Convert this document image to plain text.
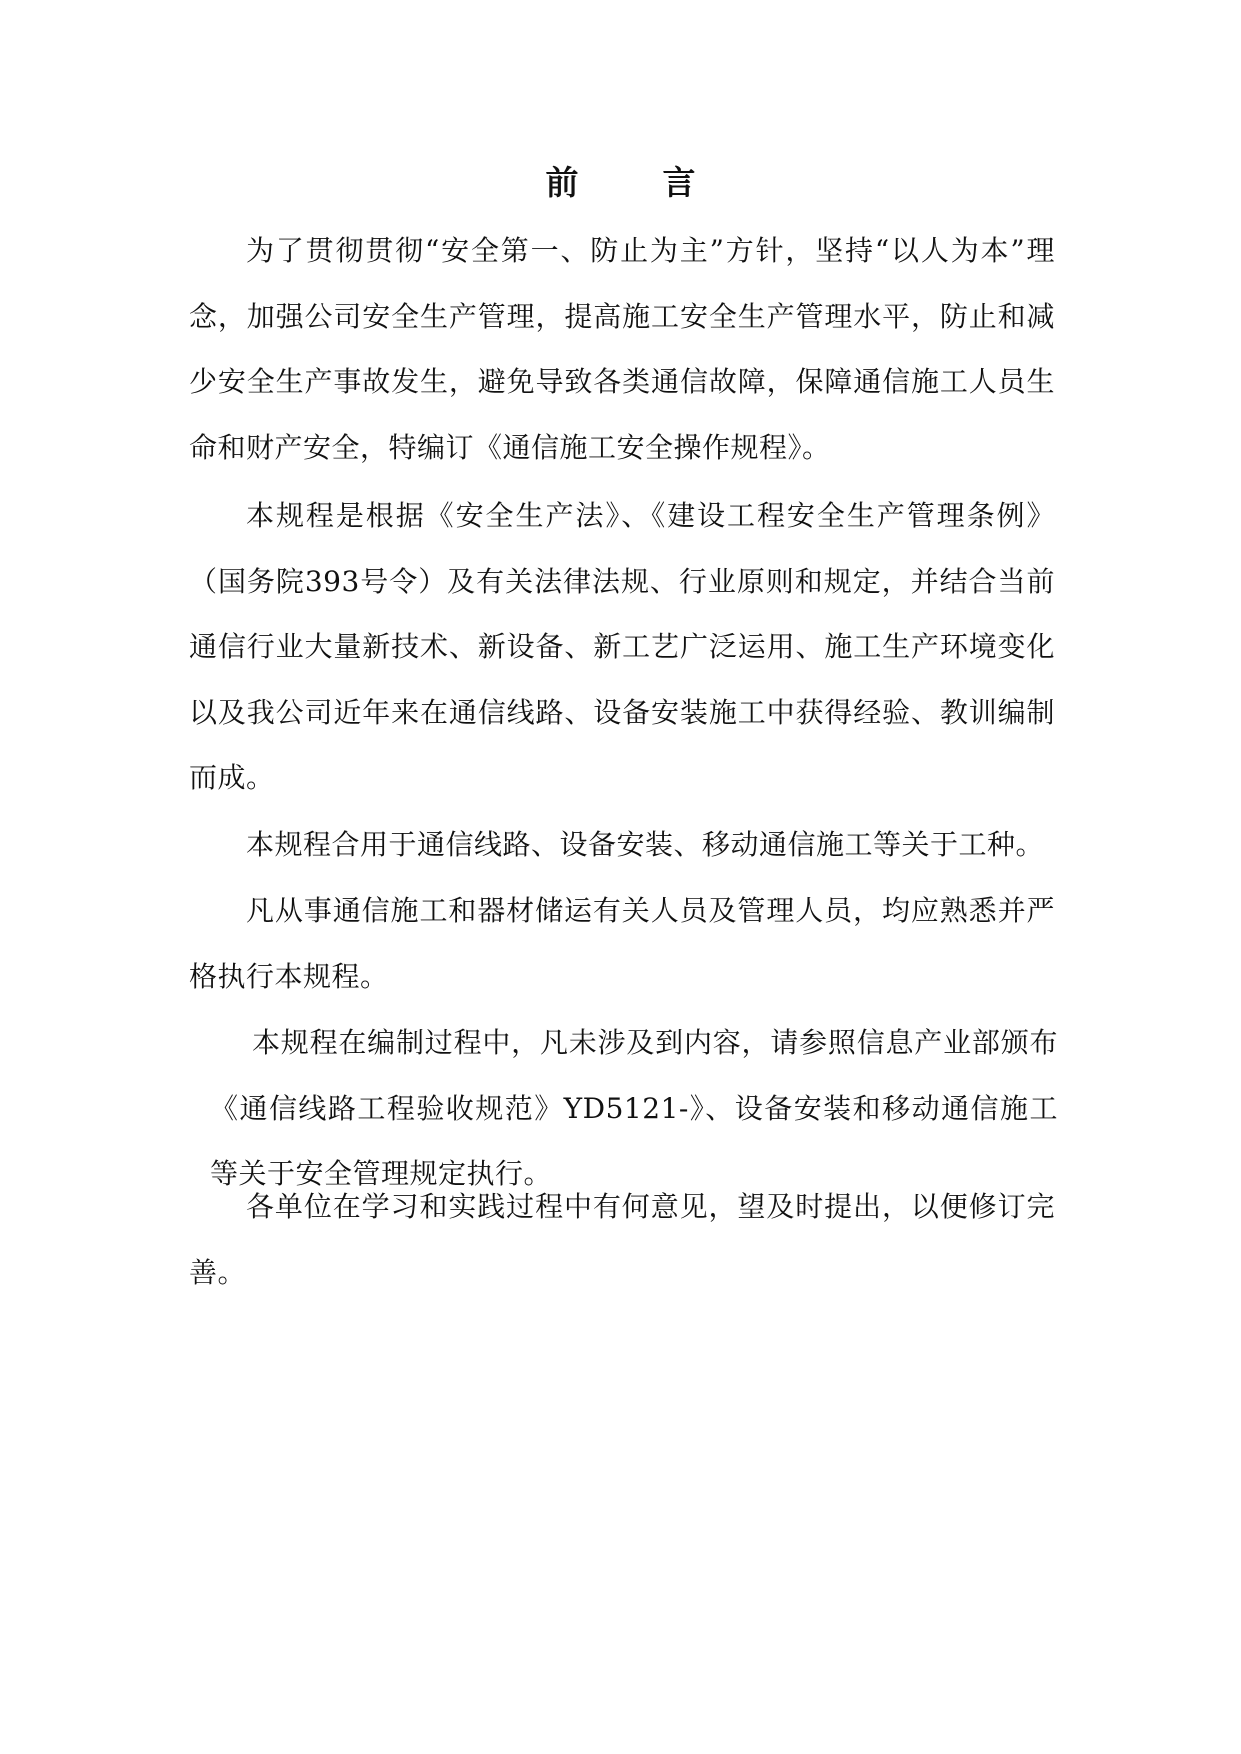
前言

为了贯彻贯彻“安全第一、防止为主”方针，坚持“以人为本”理念，加强公司安全生产管理，提高施工安全生产管理水平，防止和减少安全生产事故发生，避免导致各类通信故障，保障通信施工人员生命和财产安全，特编订《通信施工安全操作规程》。

本规程是根据《安全生产法》、《建设工程安全生产管理条例》（国务院393号令）及有关法律法规、行业原则和规定，并结合当前通信行业大量新技术、新设备、新工艺广泛运用、施工生产环境变化以及我公司近年来在通信线路、设备安装施工中获得经验、教训编制而成。

本规程合用于通信线路、设备安装、移动通信施工等关于工种。

凡从事通信施工和器材储运有关人员及管理人员，均应熟悉并严格执行本规程。

本规程在编制过程中，凡未涉及到内容，请参照信息产业部颁布《通信线路工程验收规范》YD5121-》、设备安装和移动通信施工等关于安全管理规定执行。

各单位在学习和实践过程中有何意见，望及时提出，以便修订完善。
